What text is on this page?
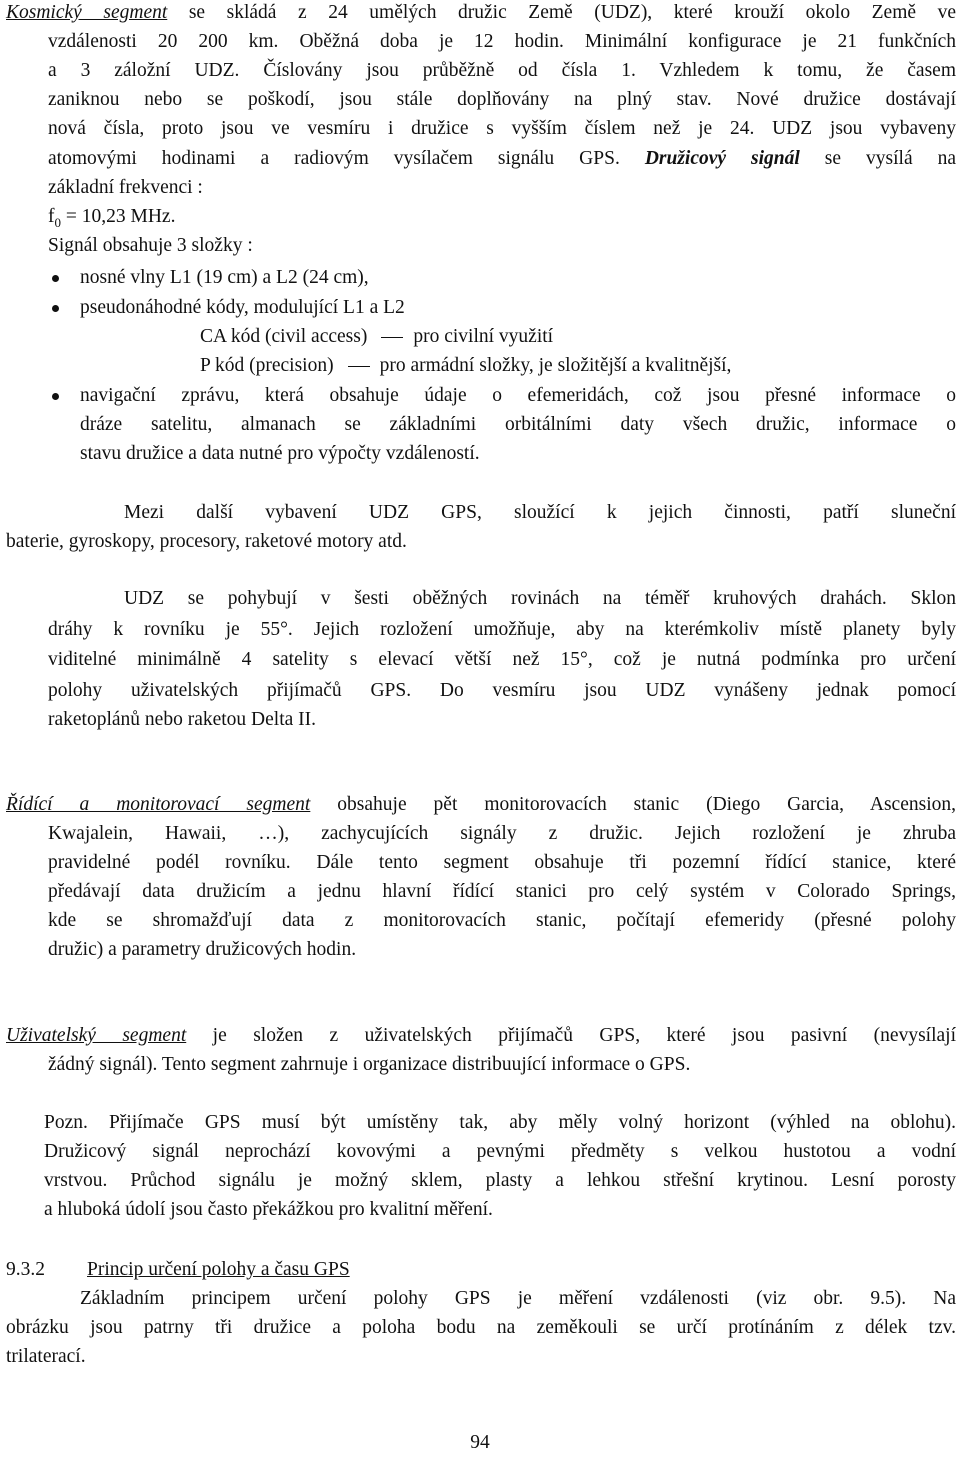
Kosmický segment se skládá z 24 umělých družic Země (UDZ), které krouží okolo Země ve
vzdálenosti 20 200 km. Oběžná doba je 12 hodin. Minimální konfigurace je 21 funkčních
a 3 záložní UDZ. Číslovány jsou průběžně od čísla 1. Vzhledem k tomu, že časem
zaniknou nebo se poškodí, jsou stále doplňovány na plný stav. Nové družice dostávají
nová čísla, proto jsou ve vesmíru i družice s vyšším číslem než je 24. UDZ jsou vybaveny
atomovými hodinami a radiovým vysílačem signálu GPS. Družicový signál se vysílá na
základní frekvenci :
$f_0 = 10,23$ MHz.
Signál obsahuje 3 složky :
nosné vlny L1 (19 cm) a L2 (24 cm),
pseudonáhodné kódy, modulující L1 a L2
CA kód (civil access) pro civilní využití
P kód (precision) pro armádní složky, je složitější a kvalitnější,
navigační zprávu, která obsahuje údaje o efemeridách, což jsou přesné informace o
dráze satelitu, almanach se základními orbitálními daty všech družic, informace o
stavu družice a data nutné pro výpočty vzdáleností.
Mezi další vybavení UDZ GPS, sloužící k jejich činnosti, patří sluneční
baterie, gyroskopy, procesory, raketové motory atd.
UDZ se pohybují v šesti oběžných rovinách na téměř kruhových drahách. Sklon
dráhy k rovníku je 55°. Jejich rozložení umožňuje, aby na kterémkoliv místě planety byly
viditelné minimálně 4 satelity s elevací větší než 15°, což je nutná podmínka pro určení
polohy uživatelských přijímačů GPS. Do vesmíru jsou UDZ vynášeny jednak pomocí
raketoplánů nebo raketou Delta II.
Řídící a monitorovací segment obsahuje pět monitorovacích stanic (Diego Garcia, Ascension,
Kwajalein, Hawaii, …), zachycujících signály z družic. Jejich rozložení je zhruba
pravidelné podél rovníku. Dále tento segment obsahuje tři pozemní řídící stanice, které
předávají data družicím a jednu hlavní řídící stanici pro celý systém v Colorado Springs,
kde se shromažďují data z monitorovacích stanic, počítají efemeridy (přesné polohy
družic) a parametry družicových hodin.
Uživatelský segment je složen z uživatelských přijímačů GPS, které jsou pasivní (nevysílají
žádný signál). Tento segment zahrnuje i organizace distribuující informace o GPS.
Pozn. Přijímače GPS musí být umístěny tak, aby měly volný horizont (výhled na oblohu).
Družicový signál neprochází kovovými a pevnými předměty s velkou hustotou a vodní
vrstvou. Průchod signálu je možný sklem, plasty a lehkou střešní krytinou. Lesní porosty
a hluboká údolí jsou často překážkou pro kvalitní měření.
9.3.2 Princip určení polohy a času GPS
Základním principem určení polohy GPS je měření vzdálenosti (viz obr. 9.5). Na
obrázku jsou patrny tři družice a poloha bodu na zeměkouli se určí protínáním z délek tzv.
trilaterací.
94
